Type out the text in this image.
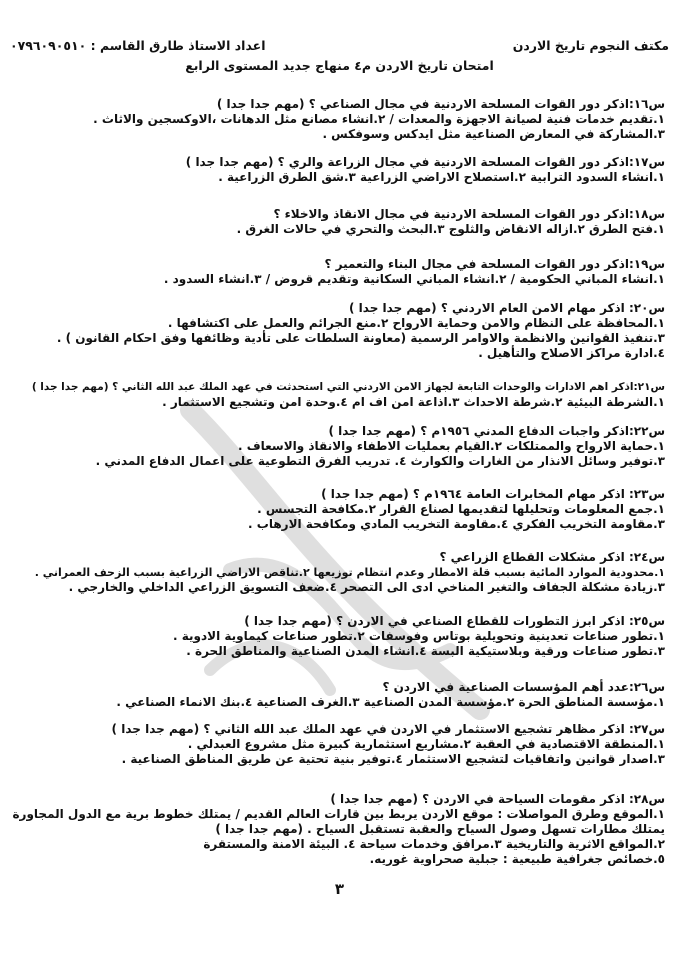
مكتف النجوم تاريخ الاردن
اعداد الاستاذ طارق القاسم : ٠٧٩٦٠٩٠٥١٠
امتحان تاريخ الاردن م٤ منهاج جديد المستوى الرابع
س١٦:اذكر دور القوات المسلحة الاردنية في مجال الصناعي ؟ (مهم جدا جدا )
١.تقديم خدمات فنية لصيانة الاجهزة والمعدات / ٢.انشاء مصانع مثل الدهانات ،الاوكسجين والاثاث .
٣.المشاركة في المعارض الصناعية مثل ايدكس وسوفكس .
س١٧:اذكر دور القوات المسلحة الاردنية في مجال الزراعة والري ؟ (مهم جدا جدا )
١.انشاء السدود الترابية ٢.استصلاح الاراضي الزراعية ٣.شق الطرق الزراعية .
س١٨:اذكر دور القوات المسلحة الاردنية في مجال الانقاذ والاخلاء ؟
١.فتح الطرق ٢.ازاله الانقاض والثلوج ٣.البحث والتحري في حالات الغرق .
س١٩:اذكر دور القوات المسلحة في مجال البناء والتعمير ؟
١.انشاء المباني الحكومية / ٢.انشاء المباني السكانية وتقديم قروض / ٣.انشاء السدود .
س٢٠: اذكر مهام الامن العام الاردني ؟ (مهم جدا جدا )
١.المحافظة على النظام والامن وحماية الارواح ٢.منع الجرائم والعمل على اكتشافها .
٣.تنفيذ القوانين والانظمة والاوامر الرسمية (معاونة السلطات على تأدية وظائفها وفق احكام القانون ) .
٤.ادارة مراكز الاصلاح والتأهيل .
س٢١:اذكر اهم الادارات والوحدات التابعة لجهاز الامن الاردني التي استحدثت في عهد الملك عبد الله الثاني ؟ (مهم جدا جدا )
١.الشرطة البيئية ٢.شرطة الاحداث ٣.اذاعة امن اف ام ٤.وحدة امن وتشجيع الاستثمار .
س٢٢:اذكر واجبات الدفاع المدني ١٩٥٦م ؟ (مهم جدا جدا )
١.حماية الارواح والممتلكات ٢.القيام بعمليات الاطفاء والانقاذ والاسعاف .
٣.توفير وسائل الانذار من الغارات والكوارث ٤. تدريب الفرق التطوعية على اعمال الدفاع المدني .
س٢٣: اذكر مهام المخابرات العامة ١٩٦٤م ؟ (مهم جدا جدا )
١.جمع المعلومات وتحليلها لتقديمها لصناع القرار ٢.مكافحة التجسس .
٣.مقاومة التخريب الفكري ٤.مقاومة التخريب المادي ومكافحة الارهاب .
س٢٤: اذكر مشكلات القطاع الزراعي ؟
١.محدودية الموارد المائية بسبب قلة الامطار وعدم انتظام توزيعها ٢.تناقص الاراضي الزراعية بسبب الزحف العمراني .
٣.زيادة مشكلة الجفاف والتغير المناخي ادى الى التصحر ٤.ضعف التسويق الزراعي الداخلي والخارجي .
س٢٥: اذكر ابرز التطورات للقطاع الصناعي في الاردن ؟ (مهم جدا جدا )
١.تطور صناعات تعدينية وتحويلية بوتاس وفوسفات ٢.تطور صناعات كيماوية الادوية .
٣.تطور صناعات ورقية وبلاستيكية البسة ٤.انشاء المدن الصناعية والمناطق الحرة .
س٢٦:عدد أهم المؤسسات الصناعية في الاردن ؟
١.مؤسسة المناطق الحرة ٢.مؤسسة المدن الصناعية ٣.الغرف الصناعية ٤.بنك الانماء الصناعي .
س٢٧: اذكر مظاهر تشجيع الاستثمار في الاردن في عهد الملك عبد الله الثاني ؟ (مهم جدا جدا )
١.المنطقة الاقتصادية في العقبة ٢.مشاريع استثمارية كبيرة مثل مشروع العبدلي .
٣.اصدار قوانين واتفاقيات لتشجيع الاستثمار ٤.توفير بنية تحتية عن طريق المناطق الصناعية .
س٢٨: اذكر مقومات السياحة في الاردن ؟ (مهم جدا جدا )
١.الموقع وطرق المواصلات : موقع الاردن يربط بين قارات العالم القديم / يمتلك خطوط برية مع الدول المجاورة
يمتلك مطارات تسهل وصول السياح والعقبة تستقبل السياح . (مهم جدا جدا )
٢.المواقع الاثرية والتاريخية ٣.مرافق وخدمات سياحة ٤. البيئة الامنة والمستقرة
٥.خصائص جغرافية طبيعية : جبلية صحراوية غوريه.
٣
